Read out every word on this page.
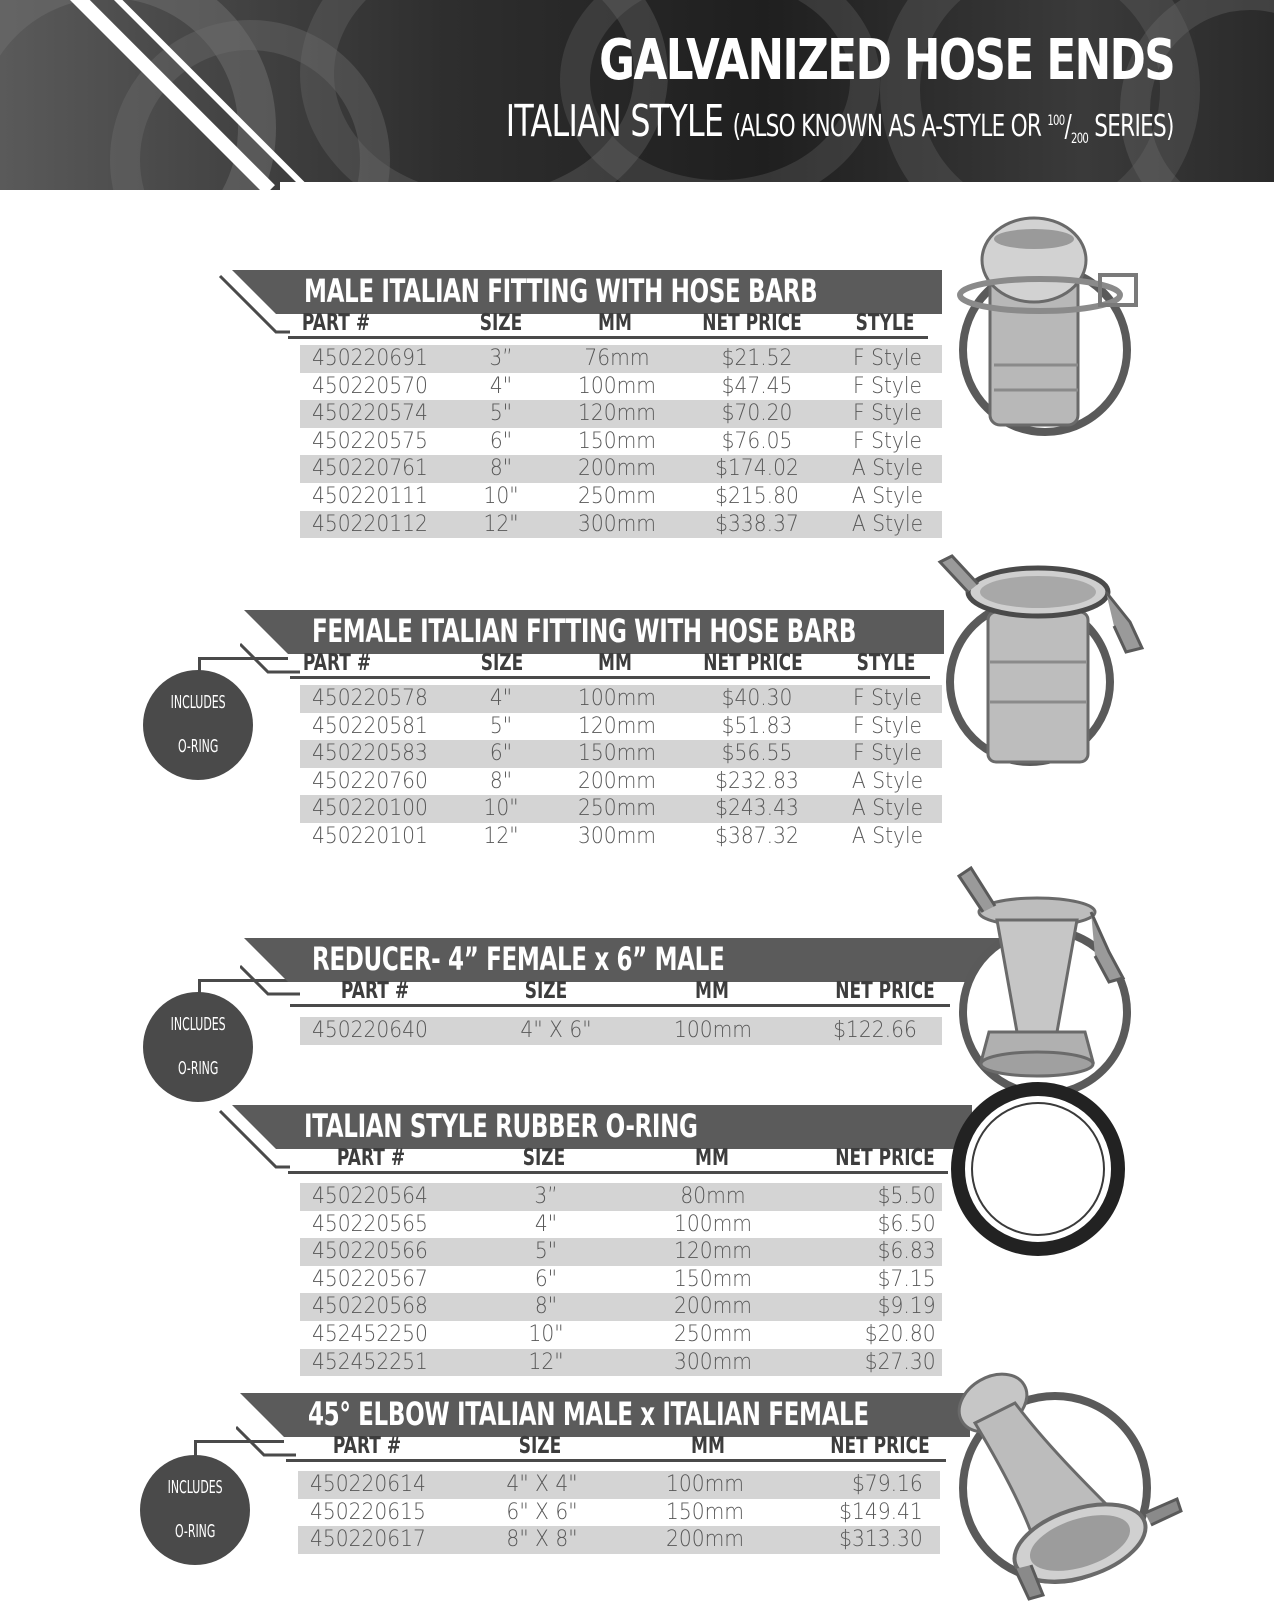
GALVANIZED HOSE ENDS
ITALIAN STYLE (ALSO KNOWN AS A-STYLE OR $^{100}/_{200}$ SERIES)
MALE ITALIAN FITTING WITH HOSE BARB
PART #	SIZE	MM	NET PRICE	STYLE
450220691	3”	76mm	$21.52	F Style
450220570	4"	100mm	$47.45	F Style
450220574	5"	120mm	$70.20	F Style
450220575	6"	150mm	$76.05	F Style
450220761	8"	200mm	$174.02	A Style
450220111	10"	250mm	$215.80	A Style
450220112	12"	300mm	$338.37	A Style
INCLUDES

O-RING
FEMALE ITALIAN FITTING WITH HOSE BARB
PART #	SIZE	MM	NET PRICE	STYLE
450220578	4"	100mm	$40.30	F Style
450220581	5"	120mm	$51.83	F Style
450220583	6"	150mm	$56.55	F Style
450220760	8"	200mm	$232.83	A Style
450220100	10"	250mm	$243.43	A Style
450220101	12"	300mm	$387.32	A Style
INCLUDES

O-RING
REDUCER- 4” FEMALE x 6” MALE
PART #	SIZE	MM	NET PRICE
450220640	4" X 6"	100mm	$122.66
ITALIAN STYLE RUBBER O-RING
PART #	SIZE	MM	NET PRICE
450220564	3”	80mm	$5.50
450220565	4"	100mm	$6.50
450220566	5"	120mm	$6.83
450220567	6"	150mm	$7.15
450220568	8"	200mm	$9.19
452452250	10"	250mm	$20.80
452452251	12"	300mm	$27.30
INCLUDES

O-RING
45° ELBOW ITALIAN MALE x ITALIAN FEMALE
PART #	SIZE	MM	NET PRICE
450220614	4" X 4"	100mm	$79.16
450220615	6" X 6"	150mm	$149.41
450220617	8" X 8"	200mm	$313.30
